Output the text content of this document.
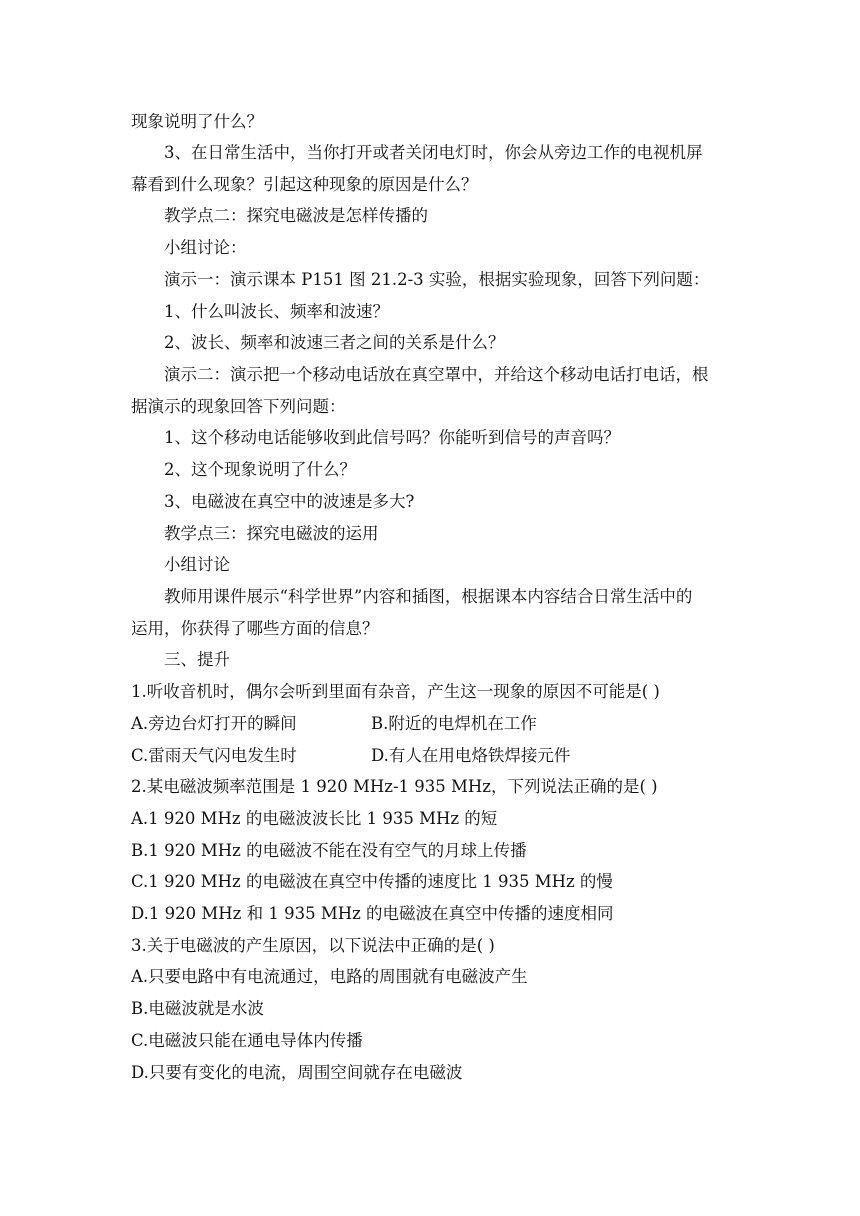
现象说明了什么？
3、在日常生活中，当你打开或者关闭电灯时，你会从旁边工作的电视机屏
幕看到什么现象？引起这种现象的原因是什么？
教学点二：探究电磁波是怎样传播的
小组讨论：
演示一：演示课本 P151 图 21.2-3 实验，根据实验现象，回答下列问题：
1、什么叫波长、频率和波速？
2、波长、频率和波速三者之间的关系是什么？
演示二：演示把一个移动电话放在真空罩中，并给这个移动电话打电话，根
据演示的现象回答下列问题：
1、这个移动电话能够收到此信号吗？你能听到信号的声音吗？
2、这个现象说明了什么？
3、电磁波在真空中的波速是多大?
教学点三：探究电磁波的运用
小组讨论
教师用课件展示“科学世界”内容和插图，根据课本内容结合日常生活中的
运用，你获得了哪些方面的信息？
三、提升
1.听收音机时，偶尔会听到里面有杂音，产生这一现象的原因不可能是( )
A.旁边台灯打开的瞬间	B.附近的电焊机在工作
C.雷雨天气闪电发生时	D.有人在用电烙铁焊接元件
2.某电磁波频率范围是 1 920 MHz-1 935 MHz，下列说法正确的是( )
A.1 920 MHz 的电磁波波长比 1 935 MHz 的短
B.1 920 MHz 的电磁波不能在没有空气的月球上传播
C.1 920 MHz 的电磁波在真空中传播的速度比 1 935 MHz 的慢
D.1 920 MHz 和 1 935 MHz 的电磁波在真空中传播的速度相同
3.关于电磁波的产生原因，以下说法中正确的是( )
A.只要电路中有电流通过，电路的周围就有电磁波产生
B.电磁波就是水波
C.电磁波只能在通电导体内传播
D.只要有变化的电流，周围空间就存在电磁波
